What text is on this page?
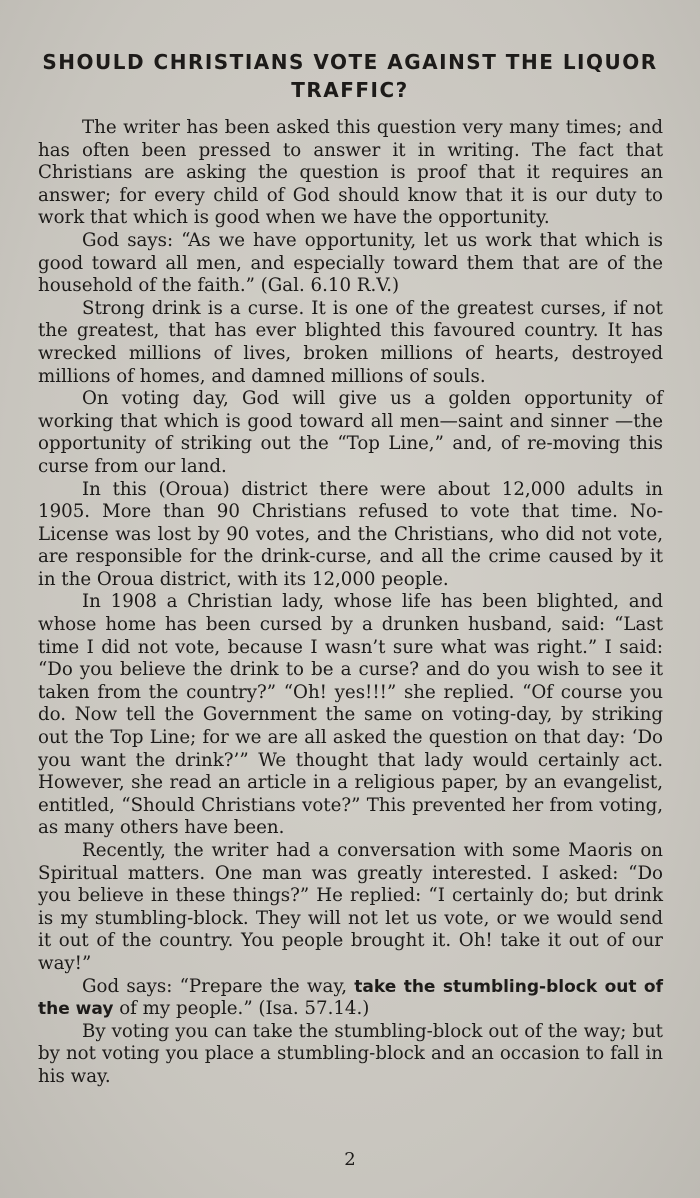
SHOULD CHRISTIANS VOTE AGAINST THE LIQUOR TRAFFIC?

The writer has been asked this question very many times; and has often been pressed to answer it in writing. The fact that Christians are asking the question is proof that it requires an answer; for every child of God should know that it is our duty to work that which is good when we have the opportunity.

God says: “As we have opportunity, let us work that which is good toward all men, and especially toward them that are of the household of the faith.” (Gal. 6.10 R.V.)

Strong drink is a curse. It is one of the greatest curses, if not the greatest, that has ever blighted this favoured country. It has wrecked millions of lives, broken millions of hearts, destroyed millions of homes, and damned millions of souls.

On voting day, God will give us a golden opportunity of working that which is good toward all men—saint and sinner —the opportunity of striking out the “Top Line,” and, of re-moving this curse from our land.

In this (Oroua) district there were about 12,000 adults in 1905. More than 90 Christians refused to vote that time. No-License was lost by 90 votes, and the Christians, who did not vote, are responsible for the drink-curse, and all the crime caused by it in the Oroua district, with its 12,000 people.

In 1908 a Christian lady, whose life has been blighted, and whose home has been cursed by a drunken husband, said: “Last time I did not vote, because I wasn’t sure what was right.” I said: “Do you believe the drink to be a curse? and do you wish to see it taken from the country?” “Oh! yes!!!” she replied. “Of course you do. Now tell the Government the same on voting-day, by striking out the Top Line; for we are all asked the question on that day: ‘Do you want the drink?’” We thought that lady would certainly act. However, she read an article in a religious paper, by an evangelist, entitled, “Should Christians vote?” This prevented her from voting, as many others have been.

Recently, the writer had a conversation with some Maoris on Spiritual matters. One man was greatly interested. I asked: “Do you believe in these things?” He replied: “I certainly do; but drink is my stumbling-block. They will not let us vote, or we would send it out of the country. You people brought it. Oh! take it out of our way!”

God says: “Prepare the way, take the stumbling-block out of the way of my people.” (Isa. 57.14.)

By voting you can take the stumbling-block out of the way; but by not voting you place a stumbling-block and an occasion to fall in his way.

2
